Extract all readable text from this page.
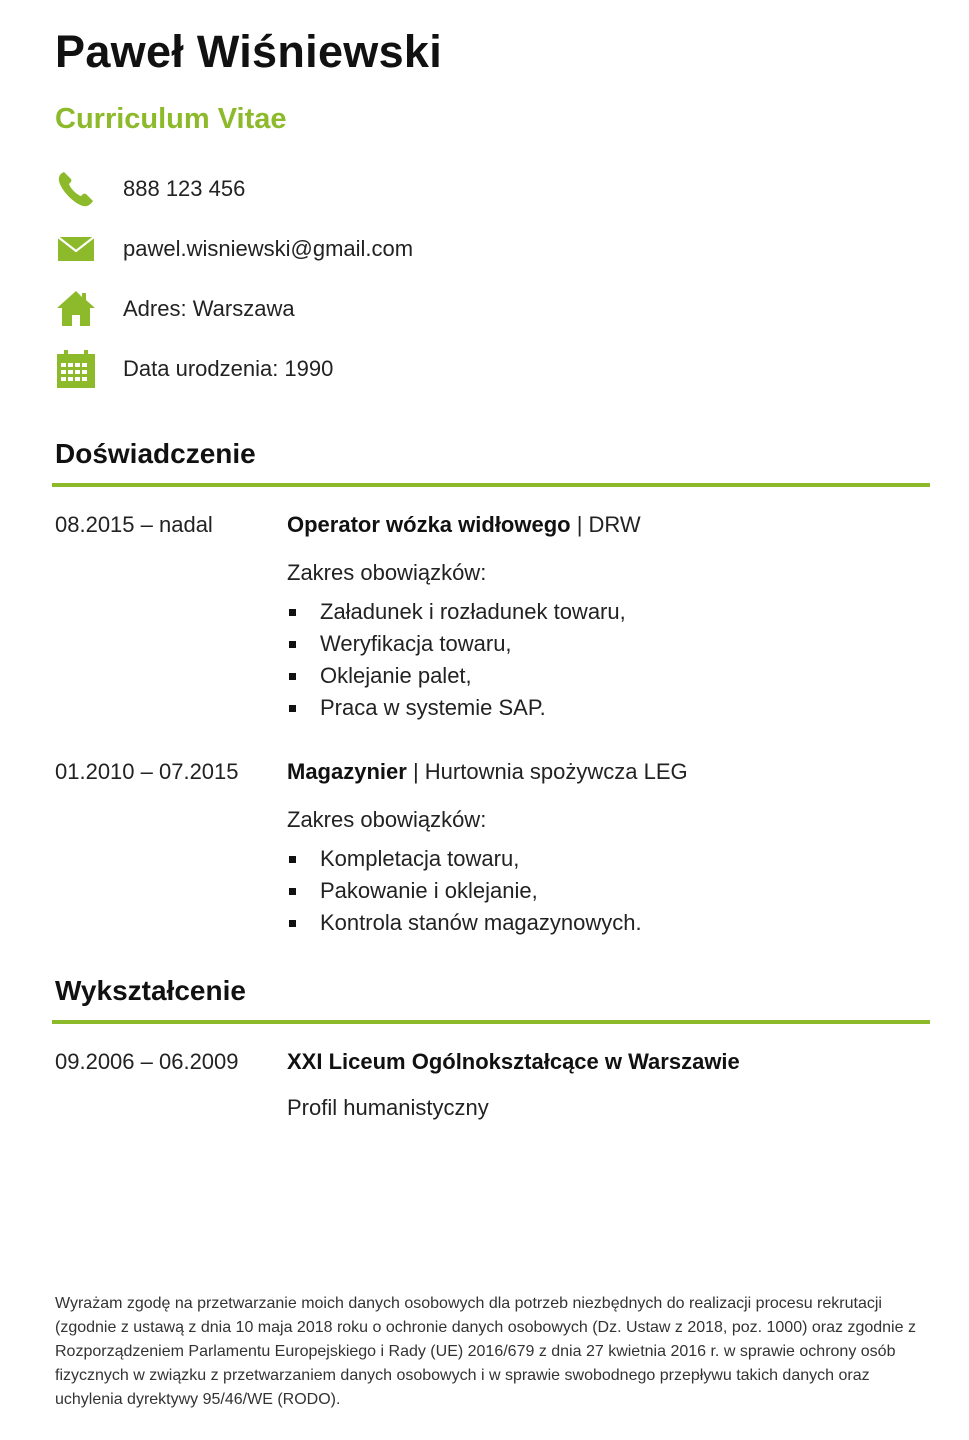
Paweł Wiśniewski
Curriculum Vitae
888 123 456
pawel.wisniewski@gmail.com
Adres: Warszawa
Data urodzenia: 1990
Doświadczenie
08.2015 – nadal	Operator wózka widłowego | DRW
Zakres obowiązków:
Załadunek i rozładunek towaru,
Weryfikacja towaru,
Oklejanie palet,
Praca w systemie SAP.
01.2010 – 07.2015 Magazynier | Hurtownia spożywcza LEG
Zakres obowiązków:
Kompletacja towaru,
Pakowanie i oklejanie,
Kontrola stanów magazynowych.
Wykształcenie
09.2006 – 06.2009 XXI Liceum Ogólnokształcące w Warszawie
Profil humanistyczny

Wyrażam zgodę na przetwarzanie moich danych osobowych dla potrzeb niezbędnych do realizacji procesu rekrutacji (zgodnie z ustawą z dnia 10 maja 2018 roku o ochronie danych osobowych (Dz. Ustaw z 2018, poz. 1000) oraz zgodnie z Rozporządzeniem Parlamentu Europejskiego i Rady (UE) 2016/679 z dnia 27 kwietnia 2016 r. w sprawie ochrony osób fizycznych w związku z przetwarzaniem danych osobowych i w sprawie swobodnego przepływu takich danych oraz uchylenia dyrektywy 95/46/WE (RODO).
